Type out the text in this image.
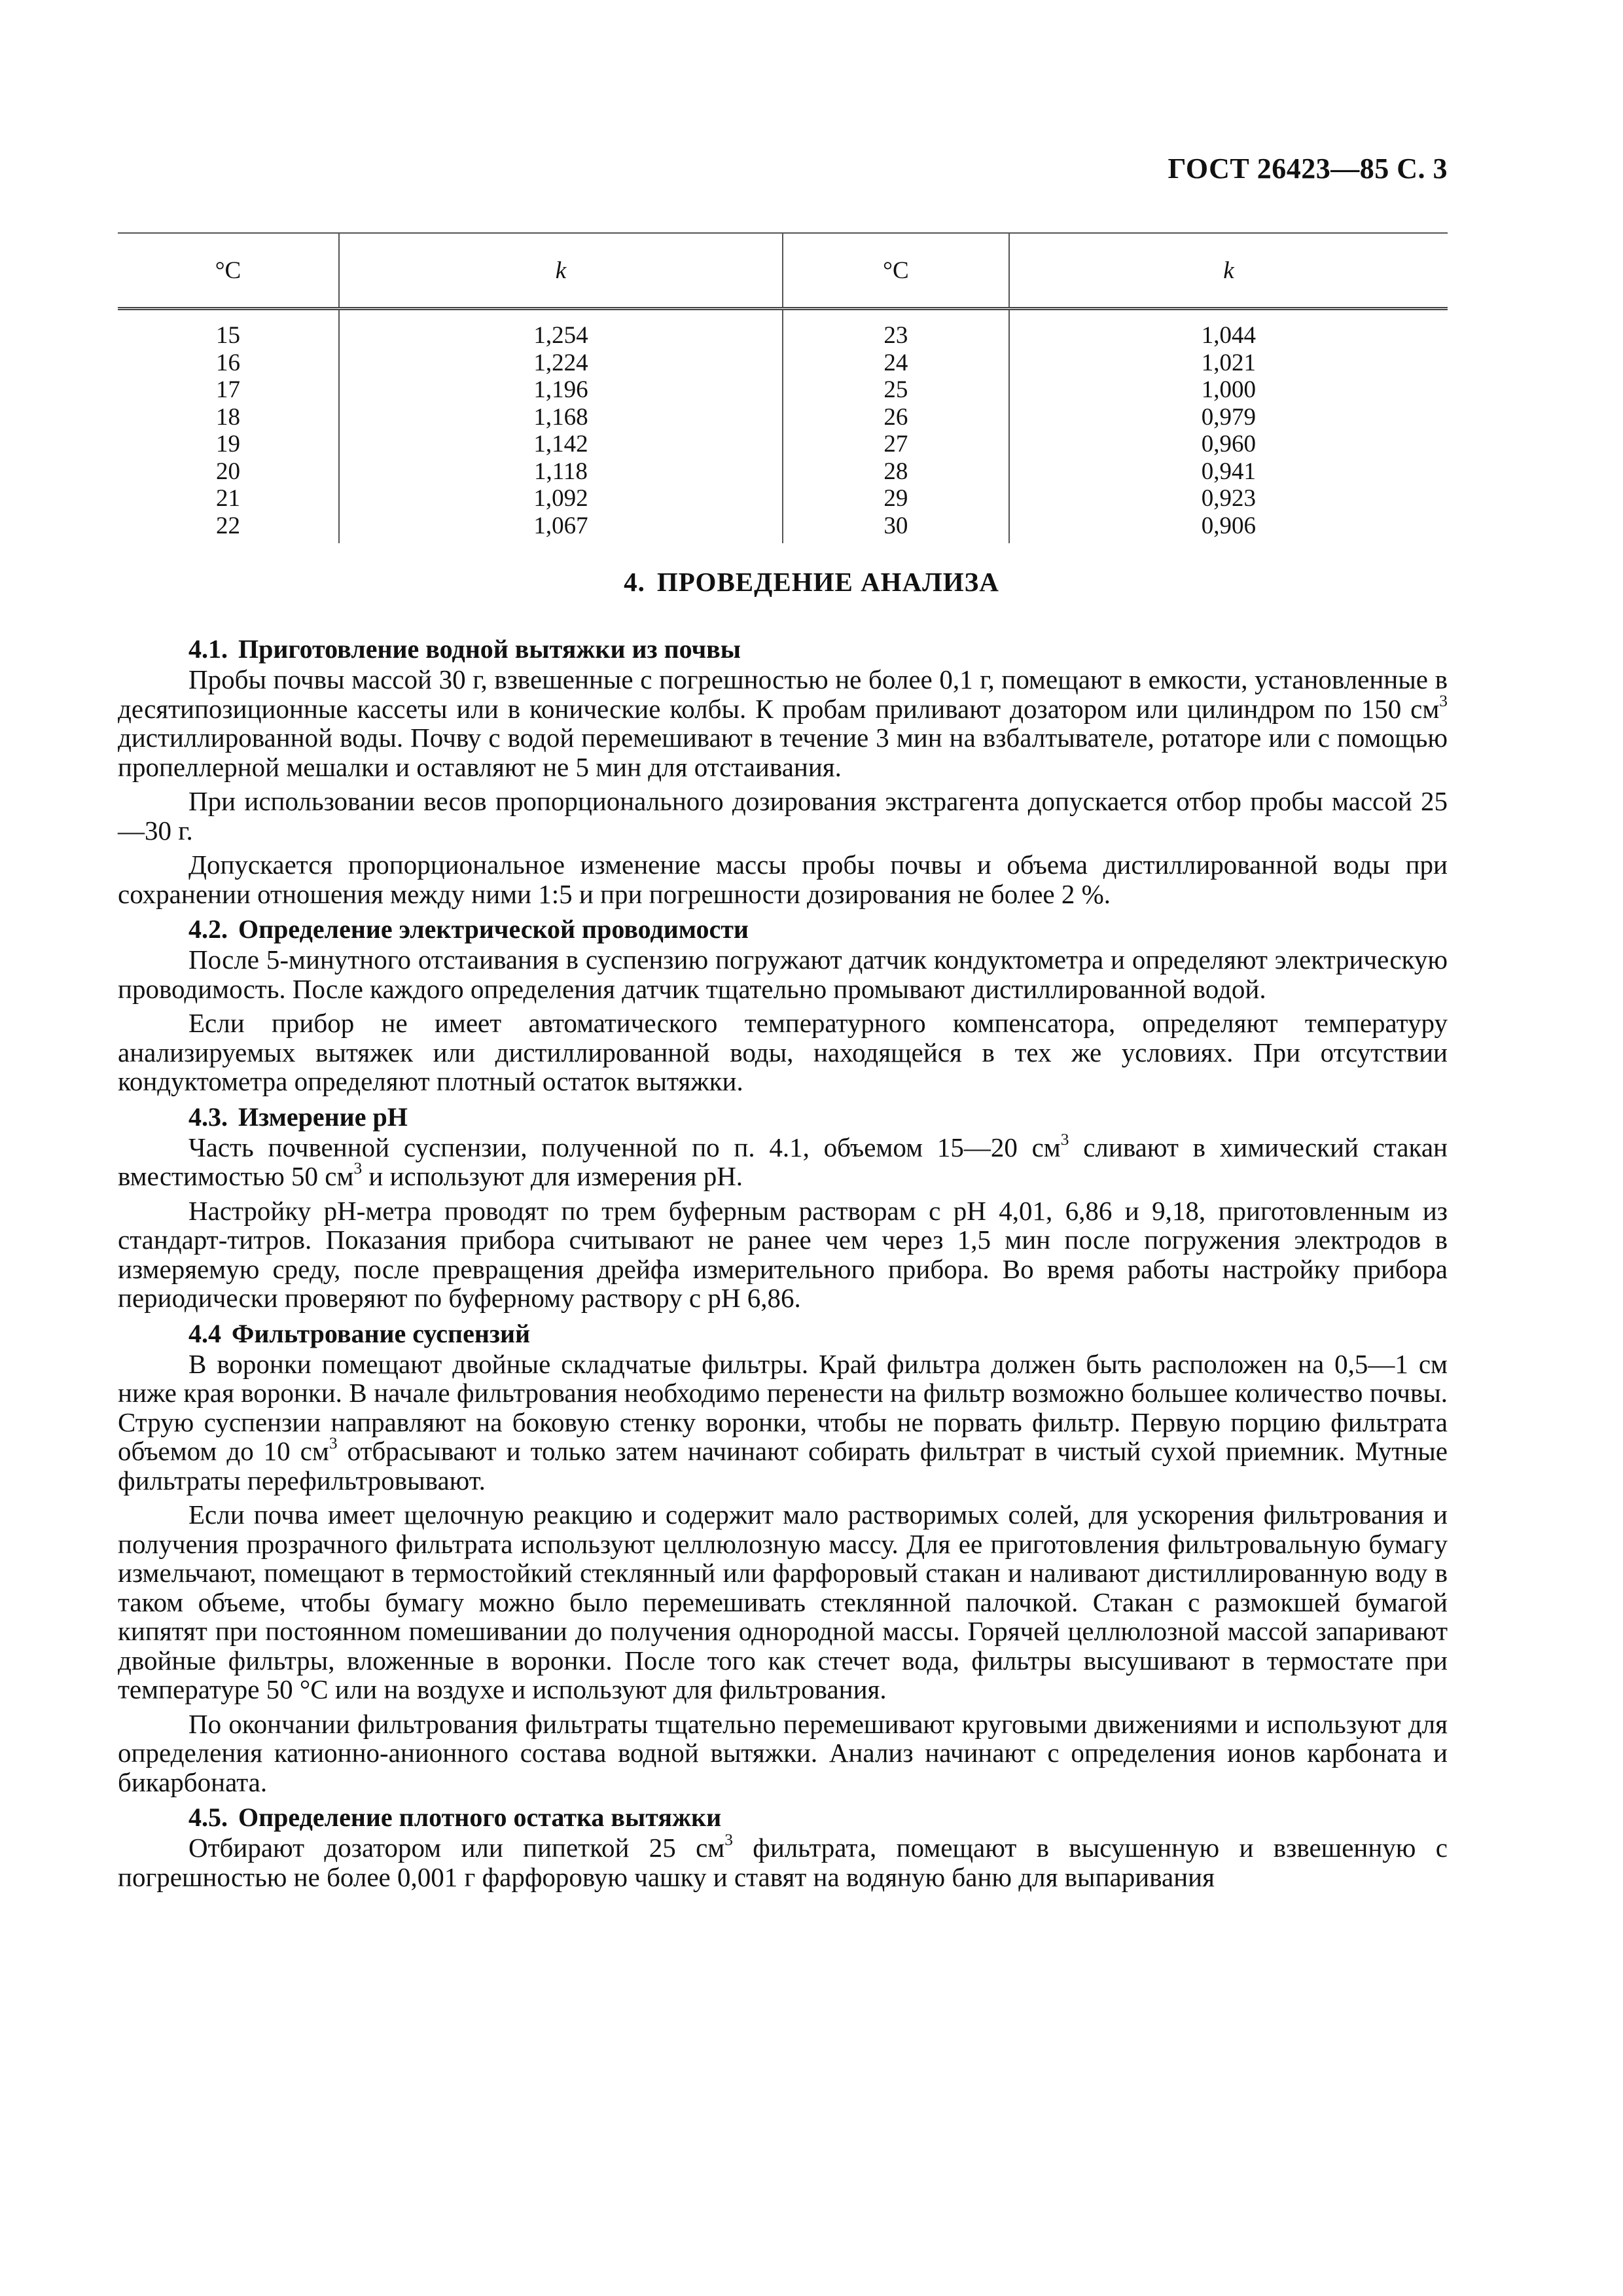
ГОСТ 26423—85 С. 3
°C	k	°C	k
15	1,254	23	1,044
16	1,224	24	1,021
17	1,196	25	1,000
18	1,168	26	0,979
19	1,142	27	0,960
20	1,118	28	0,941
21	1,092	29	0,923
22	1,067	30	0,906
4. ПРОВЕДЕНИЕ АНАЛИЗА
4.1. Приготовление водной вытяжки из почвы

Пробы почвы массой 30 г, взвешенные с погрешностью не более 0,1 г, помещают в емкости, установленные в десятипозиционные кассеты или в конические колбы. К пробам приливают дозатором или цилиндром по 150 $см^3$ дистиллированной воды. Почву с водой перемешивают в течение 3 мин на взбалтывателе, ротаторе или с помощью пропеллерной мешалки и оставляют не 5 мин для отстаивания.

При использовании весов пропорционального дозирования экстрагента допускается отбор пробы массой 25—30 г.

Допускается пропорциональное изменение массы пробы почвы и объема дистиллированной воды при сохранении отношения между ними 1:5 и при погрешности дозирования не более 2 %.

4.2. Определение электрической проводимости

После 5-минутного отстаивания в суспензию погружают датчик кондуктометра и определяют электрическую проводимость. После каждого определения датчик тщательно промывают дистиллированной водой.

Если прибор не имеет автоматического температурного компенсатора, определяют температуру анализируемых вытяжек или дистиллированной воды, находящейся в тех же условиях. При отсутствии кондуктометра определяют плотный остаток вытяжки.

4.3. Измерение pH

Часть почвенной суспензии, полученной по п. 4.1, объемом 15—20 $см^3$ сливают в химический стакан вместимостью 50 $см^3$ и используют для измерения pH.

Настройку pH-метра проводят по трем буферным растворам с pH 4,01, 6,86 и 9,18, приготовленным из стандарт-титров. Показания прибора считывают не ранее чем через 1,5 мин после погружения электродов в измеряемую среду, после превращения дрейфа измерительного прибора. Во время работы настройку прибора периодически проверяют по буферному раствору с pH 6,86.

4.4 Фильтрование суспензий

В воронки помещают двойные складчатые фильтры. Край фильтра должен быть расположен на 0,5—1 см ниже края воронки. В начале фильтрования необходимо перенести на фильтр возможно большее количество почвы. Струю суспензии направляют на боковую стенку воронки, чтобы не порвать фильтр. Первую порцию фильтрата объемом до 10 $см^3$ отбрасывают и только затем начинают собирать фильтрат в чистый сухой приемник. Мутные фильтраты перефильтровывают.

Если почва имеет щелочную реакцию и содержит мало растворимых солей, для ускорения фильтрования и получения прозрачного фильтрата используют целлюлозную массу. Для ее приготовления фильтровальную бумагу измельчают, помещают в термостойкий стеклянный или фарфоровый стакан и наливают дистиллированную воду в таком объеме, чтобы бумагу можно было перемешивать стеклянной палочкой. Стакан с размокшей бумагой кипятят при постоянном помешивании до получения однородной массы. Горячей целлюлозной массой запаривают двойные фильтры, вложенные в воронки. После того как стечет вода, фильтры высушивают в термостате при температуре 50 °С или на воздухе и используют для фильтрования.

По окончании фильтрования фильтраты тщательно перемешивают круговыми движениями и используют для определения катионно-анионного состава водной вытяжки. Анализ начинают с определения ионов карбоната и бикарбоната.

4.5. Определение плотного остатка вытяжки

Отбирают дозатором или пипеткой 25 $см^3$ фильтрата, помещают в высушенную и взвешенную с погрешностью не более 0,001 г фарфоровую чашку и ставят на водяную баню для выпаривания
